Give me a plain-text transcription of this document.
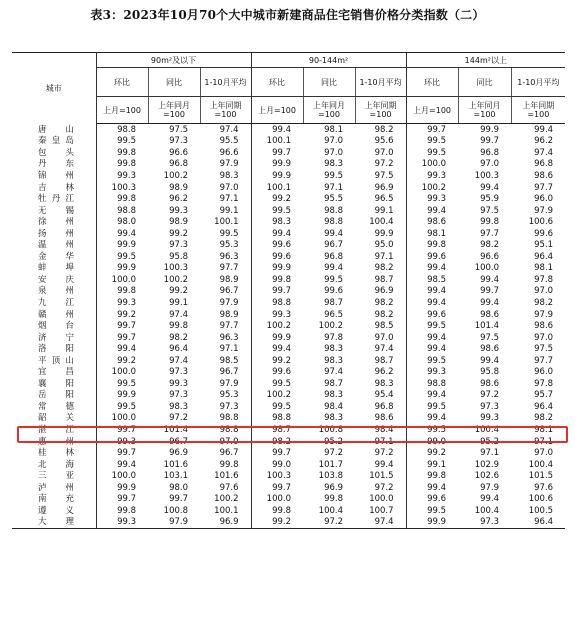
表3：2023年10月70个大中城市新建商品住宅销售价格分类指数（二）
城市	90m²及以下			90-144m²			144m²以上		
	环比	同比	1-10月平均	环比	同比	1-10月平均	环比	同比	1-10月平均
	上月=100	上年同月=100	上年同期=100	上月=100	上年同月=100	上年同期=100	上月=100	上年同月=100	上年同期=100
唐山	98.8	97.5	97.4	99.4	98.1	98.2	99.7	99.9	99.4
秦皇岛	99.5	97.3	95.5	100.1	97.0	95.6	99.5	99.7	96.2
包头	99.8	96.6	96.6	99.7	97.0	97.0	99.5	96.8	97.4
丹东	99.8	96.8	97.9	99.9	98.3	97.2	100.0	97.0	96.8
锦州	99.3	100.2	98.3	99.9	99.5	97.5	99.3	100.3	98.6
吉林	100.3	98.9	97.0	100.1	97.1	96.9	100.2	99.4	97.7
牡丹江	99.8	96.2	97.1	99.2	95.5	96.5	99.3	95.9	96.0
无锡	98.8	99.3	99.1	99.5	98.8	99.1	99.4	97.5	97.9
徐州	98.0	98.9	100.1	98.3	98.8	100.4	98.6	99.8	100.6
扬州	99.4	99.2	99.5	99.4	99.4	99.9	98.1	97.7	99.6
温州	99.9	97.3	95.3	99.6	96.7	95.0	99.8	98.2	95.1
金华	99.5	95.8	96.3	99.6	96.8	97.1	99.6	96.6	96.4
蚌埠	99.9	100.3	97.7	99.9	99.4	98.2	99.4	100.0	98.1
安庆	100.0	100.2	98.9	99.8	99.5	98.7	98.5	99.4	97.8
泉州	99.8	99.2	96.7	99.7	99.6	96.9	99.4	99.7	97.0
九江	99.3	99.1	97.9	98.8	98.7	98.2	99.4	99.4	98.2
赣州	99.2	97.4	98.9	99.3	96.5	98.2	99.6	98.6	97.9
烟台	99.7	99.8	97.7	100.2	100.2	98.5	99.5	101.4	98.6
济宁	99.7	98.2	96.3	99.9	97.8	97.0	99.4	97.5	97.0
洛阳	99.4	96.4	97.1	99.4	98.3	97.4	99.4	98.6	97.5
平顶山	99.2	97.4	98.5	99.2	98.3	98.7	99.5	99.4	97.7
宜昌	100.0	97.3	96.7	99.6	97.4	96.2	99.3	95.8	96.0
襄阳	99.5	99.3	97.9	99.5	98.7	98.3	98.8	98.6	97.8
岳阳	99.9	97.3	95.3	100.2	98.3	95.4	99.4	97.2	95.7
常德	99.5	98.3	97.3	99.5	98.4	96.8	99.5	97.3	96.4
韶关	100.0	97.2	98.8	98.8	98.3	98.6	99.4	99.3	98.2
湛江	99.7	101.4	98.8	98.7	100.8	98.4	99.5	100.4	98.1
惠州	99.3	96.7	97.0	98.2	95.2	97.1	99.0	95.2	97.1
桂林	99.7	96.9	96.7	99.7	97.2	97.2	99.2	97.1	97.0
北海	99.4	101.6	99.8	99.0	101.7	99.4	99.1	102.9	100.4
三亚	100.0	103.1	101.6	100.3	103.8	101.5	99.8	102.6	101.5
泸州	99.9	98.0	97.6	99.7	96.9	97.2	99.4	97.9	97.6
南充	99.7	99.7	100.2	100.0	99.8	100.0	99.6	99.4	100.6
遵义	99.8	100.8	100.1	99.8	100.4	100.7	99.5	100.4	100.5
大理	99.3	97.9	96.9	99.2	97.2	97.4	99.9	97.3	96.4
